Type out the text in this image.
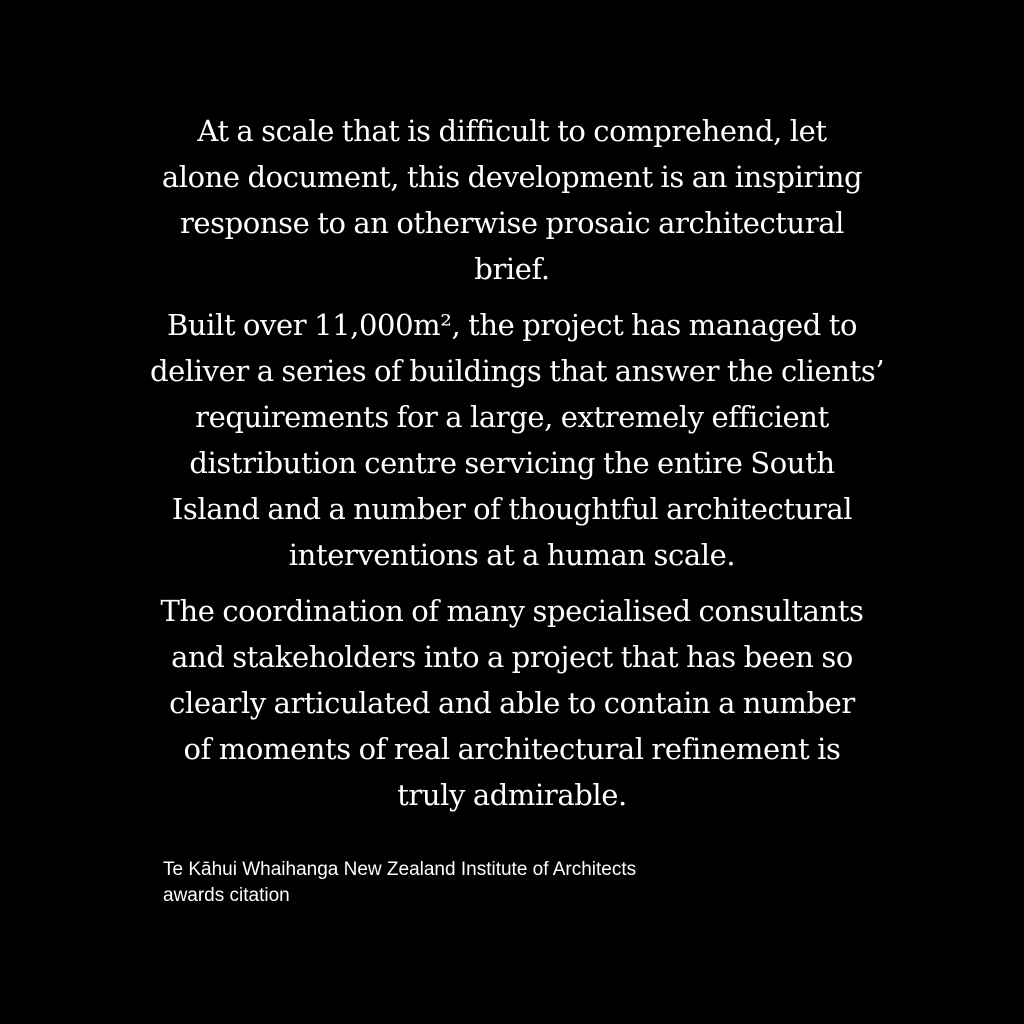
At a scale that is difficult to comprehend, let
alone document, this development is an inspiring
response to an otherwise prosaic architectural
brief.

Built over 11,000m², the project has managed to
deliver a series of buildings that answer the clients’
requirements for a large, extremely efficient
distribution centre servicing the entire South
Island and a number of thoughtful architectural
interventions at a human scale.

The coordination of many specialised consultants
and stakeholders into a project that has been so
clearly articulated and able to contain a number
of moments of real architectural refinement is
truly admirable.

Te Kāhui Whaihanga New Zealand Institute of Architects
awards citation
